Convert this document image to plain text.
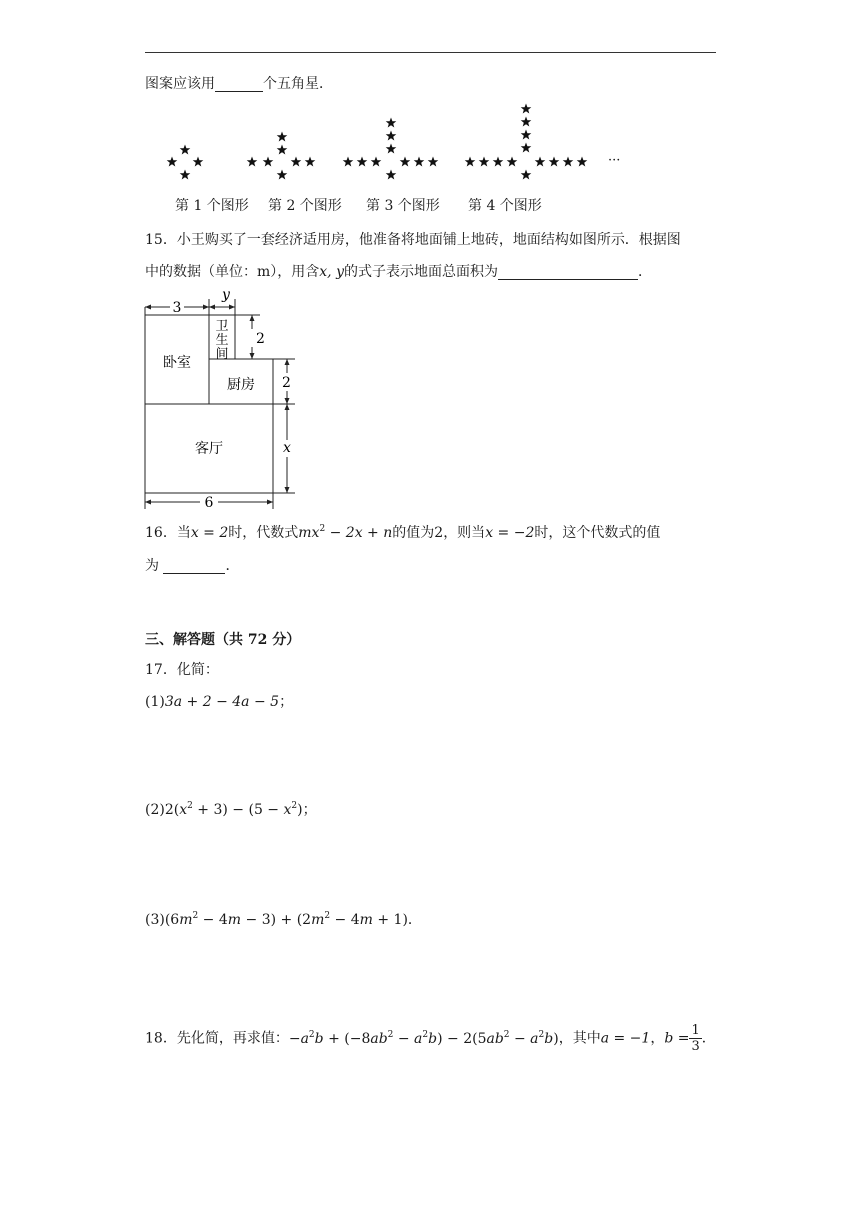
图案应该用	个五角星．
···
第 1 个图形 第 2 个图形 第 3 个图形 第 4 个图形
15．小王购买了一套经济适用房，他准备将地面铺上地砖，地面结构如图所示．根据图
中的数据（单位：m），用含x, y的式子表示地面总面积为	．
3
y
2
2
x
6
卧室
卫
生
间
厨房
客厅
16．当x = 2时，代数式$mx^2 - 2x + n$的值为2，则当x = −2时，这个代数式的值
为	．
三、解答题（共 72 分）
17．化简：
(1)3a + 2 − 4a − 5；
$(2)2(x^2 + 3) - (5 - x^2)$；
$(3)(6m^2 - 4m - 3) + (2m^2 - 4m + 1)$．
18．先化简，再求值：$-a^2b + (-8ab^2 - a^2b) - 2(5ab^2 - a^2b)$，其中a = −1，$b = \frac{1}{3}$ ．
